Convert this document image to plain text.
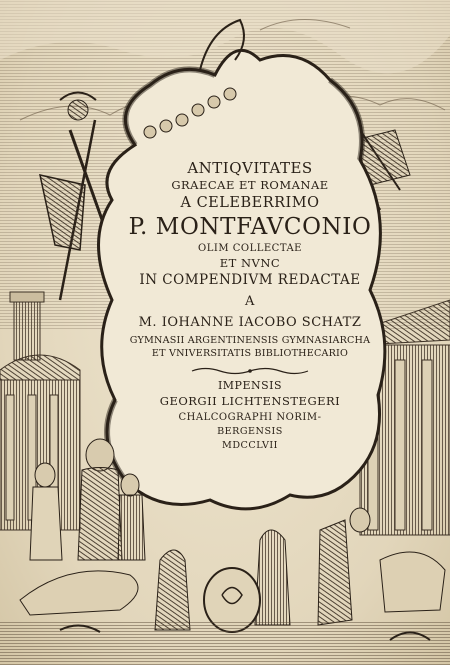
ANTIQVITATES
GRAECAE ET ROMANAE
A CELEBERRIMO
P. MONTFAVCONIO
OLIM COLLECTAE
ET NVNC
IN COMPENDIVM REDACTAE
A
M. IOHANNE IACOBO SCHATZ
GYMNASII ARGENTINENSIS GYMNASIARCHA
ET VNIVERSITATIS BIBLIOTHECARIO
IMPENSIS
GEORGII LICHTENSTEGERI
CHALCOGRAPHI NORIM-
BERGENSIS
MDCCLVII
